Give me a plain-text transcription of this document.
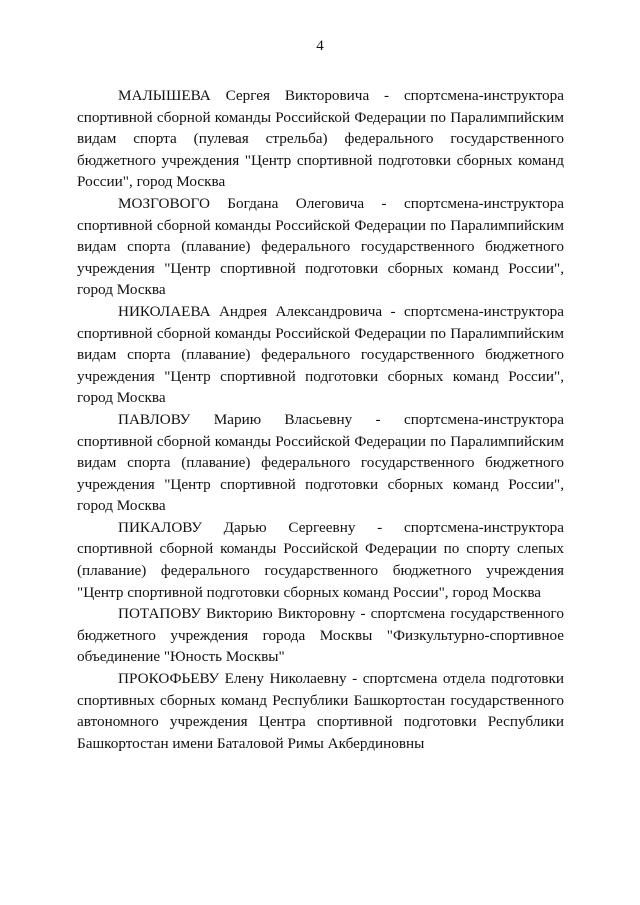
4

МАЛЫШЕВА Сергея Викторовича - спортсмена-инструктора спортивной сборной команды Российской Федерации по Паралимпийским видам спорта (пулевая стрельба) федерального государственного бюджетного учреждения "Центр спортивной подготовки сборных команд России", город Москва

МОЗГОВОГО Богдана Олеговича - спортсмена-инструктора спортивной сборной команды Российской Федерации по Паралимпийским видам спорта (плавание) федерального государственного бюджетного учреждения "Центр спортивной подготовки сборных команд России", город Москва

НИКОЛАЕВА Андрея Александровича - спортсмена-инструктора спортивной сборной команды Российской Федерации по Паралимпийским видам спорта (плавание) федерального государственного бюджетного учреждения "Центр спортивной подготовки сборных команд России", город Москва

ПАВЛОВУ Марию Власьевну - спортсмена-инструктора спортивной сборной команды Российской Федерации по Паралимпийским видам спорта (плавание) федерального государственного бюджетного учреждения "Центр спортивной подготовки сборных команд России", город Москва

ПИКАЛОВУ Дарью Сергеевну - спортсмена-инструктора спортивной сборной команды Российской Федерации по спорту слепых (плавание) федерального государственного бюджетного учреждения "Центр спортивной подготовки сборных команд России", город Москва

ПОТАПОВУ Викторию Викторовну - спортсмена государственного бюджетного учреждения города Москвы "Физкультурно-спортивное объединение "Юность Москвы"

ПРОКОФЬЕВУ Елену Николаевну - спортсмена отдела подготовки спортивных сборных команд Республики Башкортостан государственного автономного учреждения Центра спортивной подготовки Республики Башкортостан имени Баталовой Римы Акбердиновны
